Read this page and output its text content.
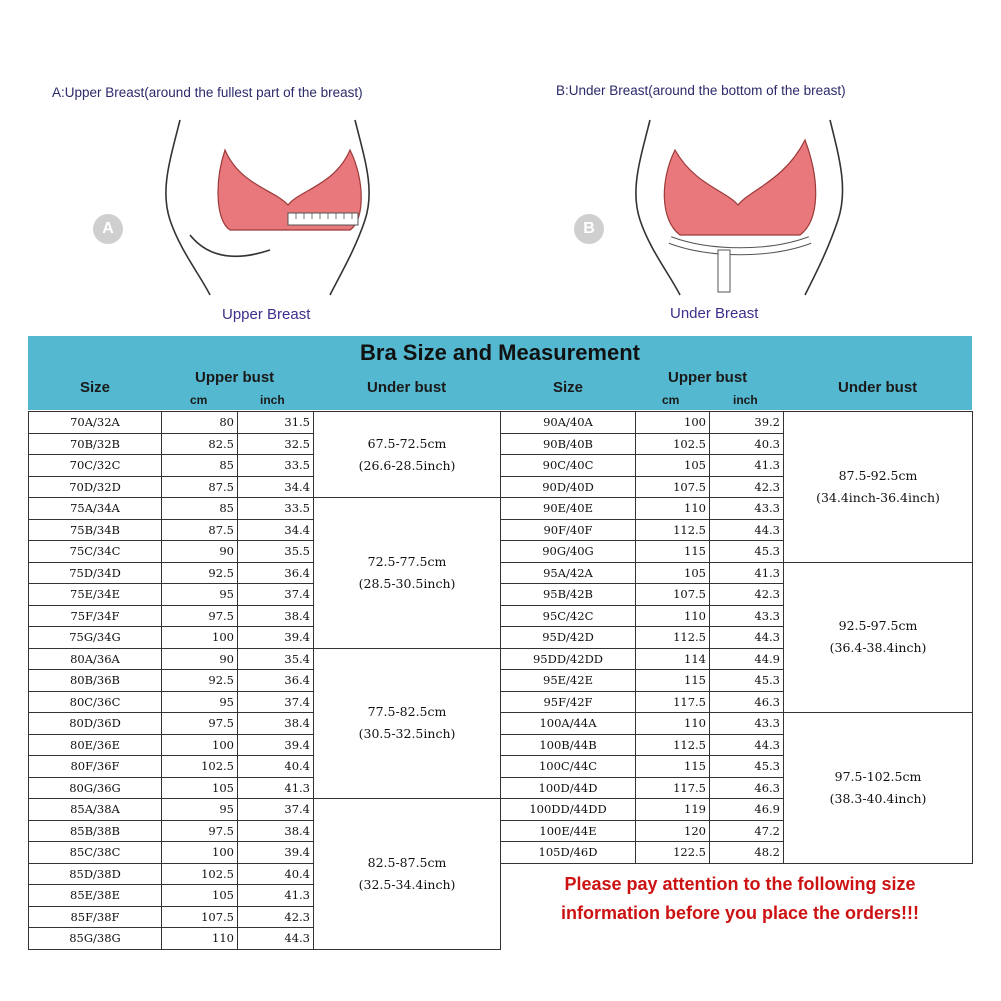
A:Upper Breast(around the fullest part of the breast)
A
Upper Breast
B:Under Breast(around the bottom of the breast)
B
Under Breast
Bra Size and Measurement
Size
Upper bust
cm	inch
Under bust	Size
Upper bust
cm	inch
Under bust
70A/32A	80	31.5	67.5-72.5cm
(26.6-28.5inch)

70B/32B	82.5	32.5	
70C/32C	85	33.5	
70D/32D	87.5	34.4	
75A/34A	85	33.5	72.5-77.5cm
(28.5-30.5inch)

75B/34B	87.5	34.4	
75C/34C	90	35.5	
75D/34D	92.5	36.4	
75E/34E	95	37.4	
75F/34F	97.5	38.4	
75G/34G	100	39.4	
80A/36A	90	35.4	77.5-82.5cm
(30.5-32.5inch)

80B/36B	92.5	36.4	
80C/36C	95	37.4	
80D/36D	97.5	38.4	
80E/36E	100	39.4	
80F/36F	102.5	40.4	
80G/36G	105	41.3	
85A/38A	95	37.4	82.5-87.5cm
(32.5-34.4inch)

85B/38B	97.5	38.4	
85C/38C	100	39.4	
85D/38D	102.5	40.4	
85E/38E	105	41.3	
85F/38F	107.5	42.3	
85G/38G	110	44.3	
90A/40A	100	39.2	87.5-92.5cm
(34.4inch-36.4inch)

90B/40B	102.5	40.3	
90C/40C	105	41.3	
90D/40D	107.5	42.3	
90E/40E	110	43.3	
90F/40F	112.5	44.3	
90G/40G	115	45.3	
95A/42A	105	41.3	92.5-97.5cm
(36.4-38.4inch)

95B/42B	107.5	42.3	
95C/42C	110	43.3	
95D/42D	112.5	44.3	
95DD/42DD	114	44.9	
95E/42E	115	45.3	
95F/42F	117.5	46.3	
100A/44A	110	43.3	97.5-102.5cm
(38.3-40.4inch)

100B/44B	112.5	44.3	
100C/44C	115	45.3	
100D/44D	117.5	46.3	
100DD/44DD	119	46.9	
100E/44E	120	47.2	
105D/46D	122.5	48.2	
Please pay attention to the following size
information before you place the orders!!!
